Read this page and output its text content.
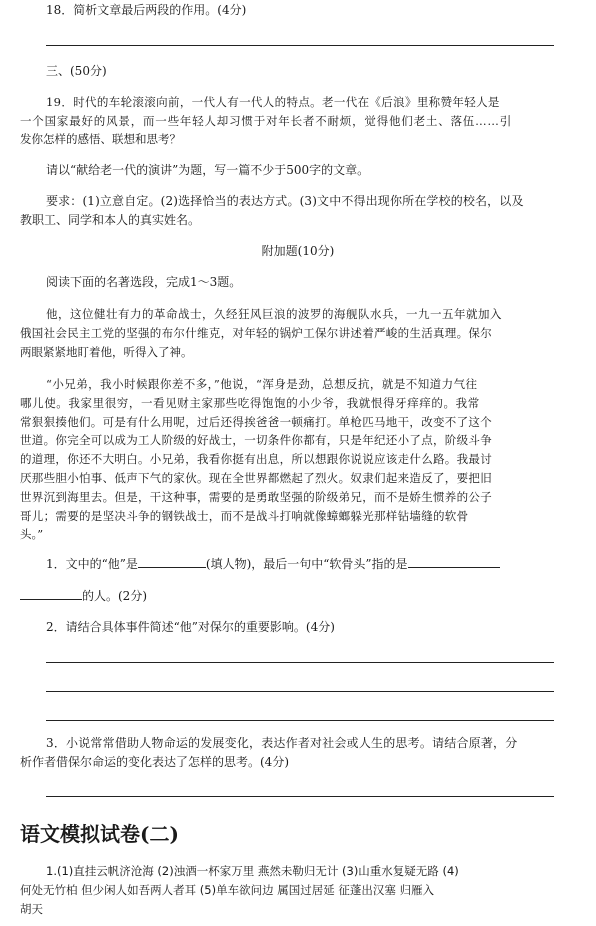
18．简析文章最后两段的作用。(4分)
三、(50分)
19．时代的车轮滚滚向前，一代人有一代人的特点。老一代在《后浪》里称赞年轻人是
一个国家最好的风景，而一些年轻人却习惯于对年长者不耐烦，觉得他们老土、落伍……引
发你怎样的感悟、联想和思考？
请以“献给老一代的演讲”为题，写一篇不少于500字的文章。
要求：(1)立意自定。(2)选择恰当的表达方式。(3)文中不得出现你所在学校的校名，以及
教职工、同学和本人的真实姓名。
附加题(10分)
阅读下面的名著选段，完成1～3题。
他，这位健壮有力的革命战士，久经狂风巨浪的波罗的海舰队水兵，一九一五年就加入
俄国社会民主工党的坚强的布尔什维克，对年轻的锅炉工保尔讲述着严峻的生活真理。保尔
两眼紧紧地盯着他，听得入了神。
“小兄弟，我小时候跟你差不多，”他说，“浑身是劲，总想反抗，就是不知道力气往
哪儿使。我家里很穷，一看见财主家那些吃得饱饱的小少爷，我就恨得牙痒痒的。我常
常狠狠揍他们。可是有什么用呢，过后还得挨爸爸一顿痛打。单枪匹马地干，改变不了这个
世道。你完全可以成为工人阶级的好战士，一切条件你都有，只是年纪还小了点，阶级斗争
的道理，你还不大明白。小兄弟，我看你挺有出息，所以想跟你说说应该走什么路。我最讨
厌那些胆小怕事、低声下气的家伙。现在全世界都燃起了烈火。奴隶们起来造反了，要把旧
世界沉到海里去。但是，干这种事，需要的是勇敢坚强的阶级弟兄，而不是娇生惯养的公子
哥儿；需要的是坚决斗争的钢铁战士，而不是战斗打响就像蟑螂躲光那样钻墙缝的软骨
头。”
1．文中的“他”是	(填人物)，最后一句中“软骨头”指的是
的人。(2分)
2．请结合具体事件简述“他”对保尔的重要影响。(4分)
3．小说常常借助人物命运的发展变化，表达作者对社会或人生的思考。请结合原著，分
析作者借保尔命运的变化表达了怎样的思考。(4分)
语文模拟试卷(二)
1.(1)直挂云帆济沧海 (2)浊酒一杯家万里 燕然未勒归无计 (3)山重水复疑无路 (4)
何处无竹柏 但少闲人如吾两人者耳 (5)单车欲问边 属国过居延 征蓬出汉塞 归雁入
胡天
